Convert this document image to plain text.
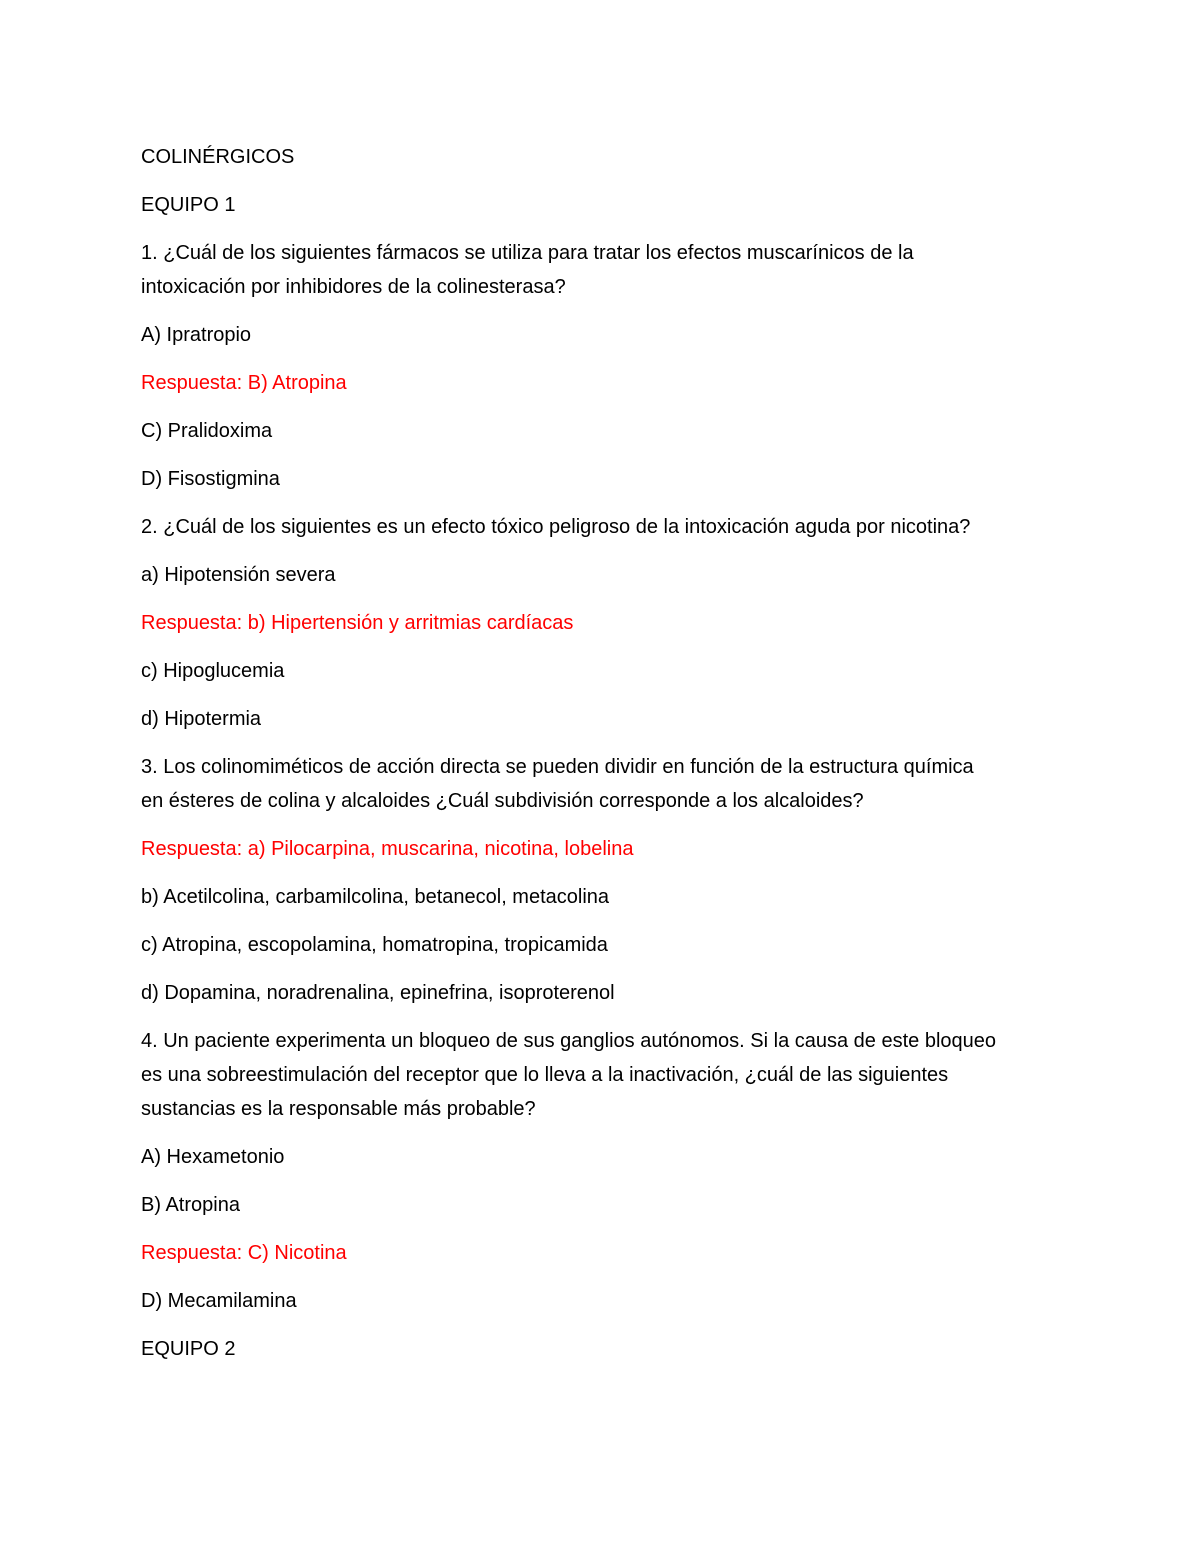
COLINÉRGICOS

EQUIPO 1

1. ¿Cuál de los siguientes fármacos se utiliza para tratar los efectos muscarínicos de la

intoxicación por inhibidores de la colinesterasa?

A) Ipratropio

Respuesta: B) Atropina

C) Pralidoxima

D) Fisostigmina

2. ¿Cuál de los siguientes es un efecto tóxico peligroso de la intoxicación aguda por nicotina?

a) Hipotensión severa

Respuesta: b) Hipertensión y arritmias cardíacas

c) Hipoglucemia

d) Hipotermia

3. Los colinomiméticos de acción directa se pueden dividir en función de la estructura química

en ésteres de colina y alcaloides ¿Cuál subdivisión corresponde a los alcaloides?

Respuesta: a) Pilocarpina, muscarina, nicotina, lobelina

b) Acetilcolina, carbamilcolina, betanecol, metacolina

c) Atropina, escopolamina, homatropina, tropicamida

d) Dopamina, noradrenalina, epinefrina, isoproterenol

4. Un paciente experimenta un bloqueo de sus ganglios autónomos. Si la causa de este bloqueo

es una sobreestimulación del receptor que lo lleva a la inactivación, ¿cuál de las siguientes

sustancias es la responsable más probable?

A) Hexametonio

B) Atropina

Respuesta: C) Nicotina

D) Mecamilamina

EQUIPO 2
